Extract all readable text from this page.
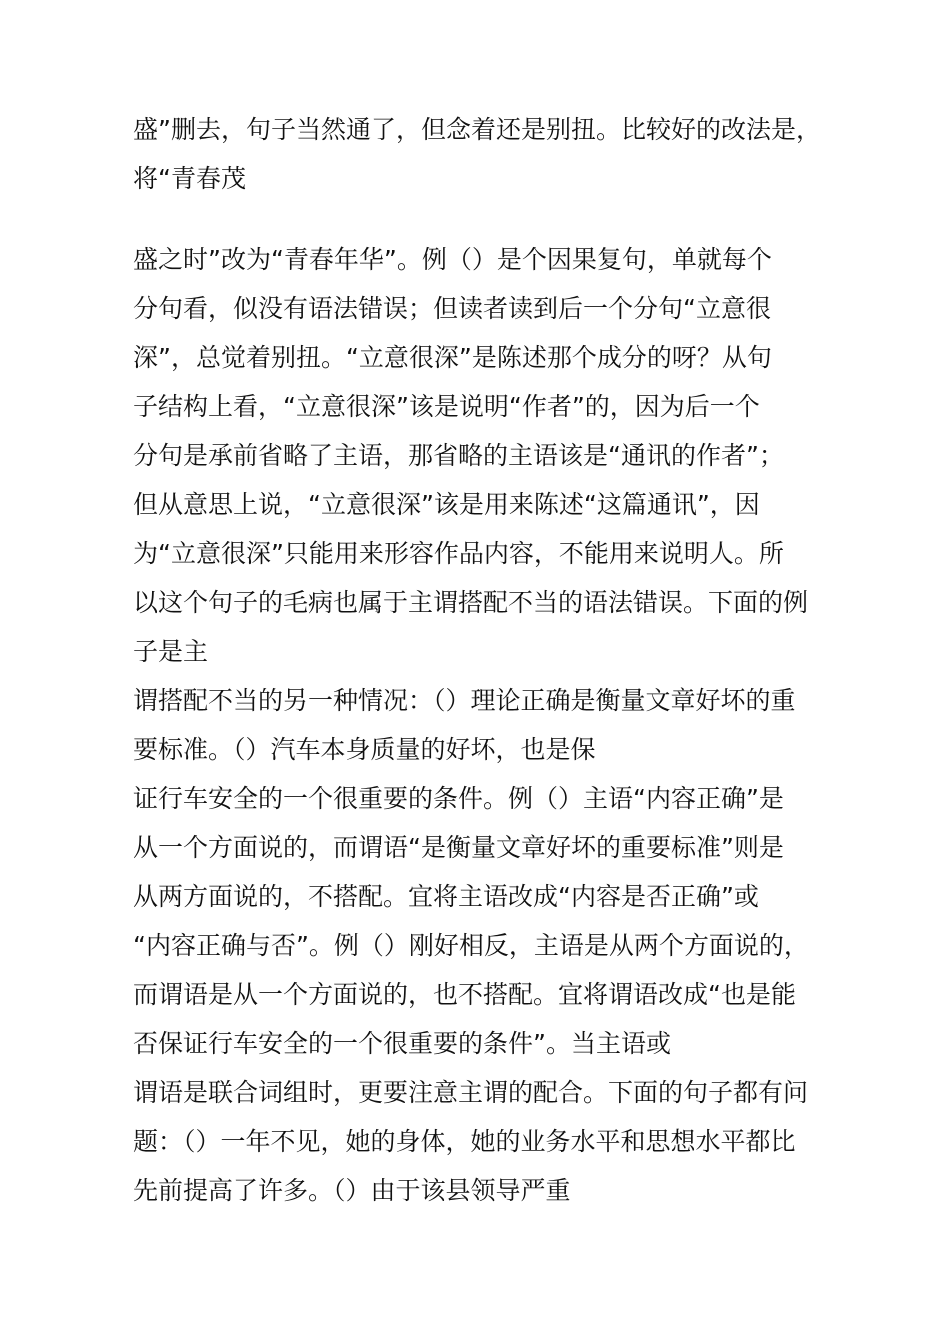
盛”删去，句子当然通了，但念着还是别扭。比较好的改法是，
将“青春茂
盛之时”改为“青春年华”。例（）是个因果复句，单就每个
分句看，似没有语法错误；但读者读到后一个分句“立意很
深”，总觉着别扭。“立意很深”是陈述那个成分的呀？从句
子结构上看，“立意很深”该是说明“作者”的，因为后一个
分句是承前省略了主语，那省略的主语该是“通讯的作者”；
但从意思上说，“立意很深”该是用来陈述“这篇通讯”，因
为“立意很深”只能用来形容作品内容，不能用来说明人。所
以这个句子的毛病也属于主谓搭配不当的语法错误。下面的例
子是主
谓搭配不当的另一种情况：（）理论正确是衡量文章好坏的重
要标准。（）汽车本身质量的好坏，也是保
证行车安全的一个很重要的条件。例（）主语“内容正确”是
从一个方面说的，而谓语“是衡量文章好坏的重要标准”则是
从两方面说的，不搭配。宜将主语改成“内容是否正确”或
“内容正确与否”。例（）刚好相反，主语是从两个方面说的，
而谓语是从一个方面说的，也不搭配。宜将谓语改成“也是能
否保证行车安全的一个很重要的条件”。当主语或
谓语是联合词组时，更要注意主谓的配合。下面的句子都有问
题：（）一年不见，她的身体，她的业务水平和思想水平都比
先前提高了许多。（）由于该县领导严重
